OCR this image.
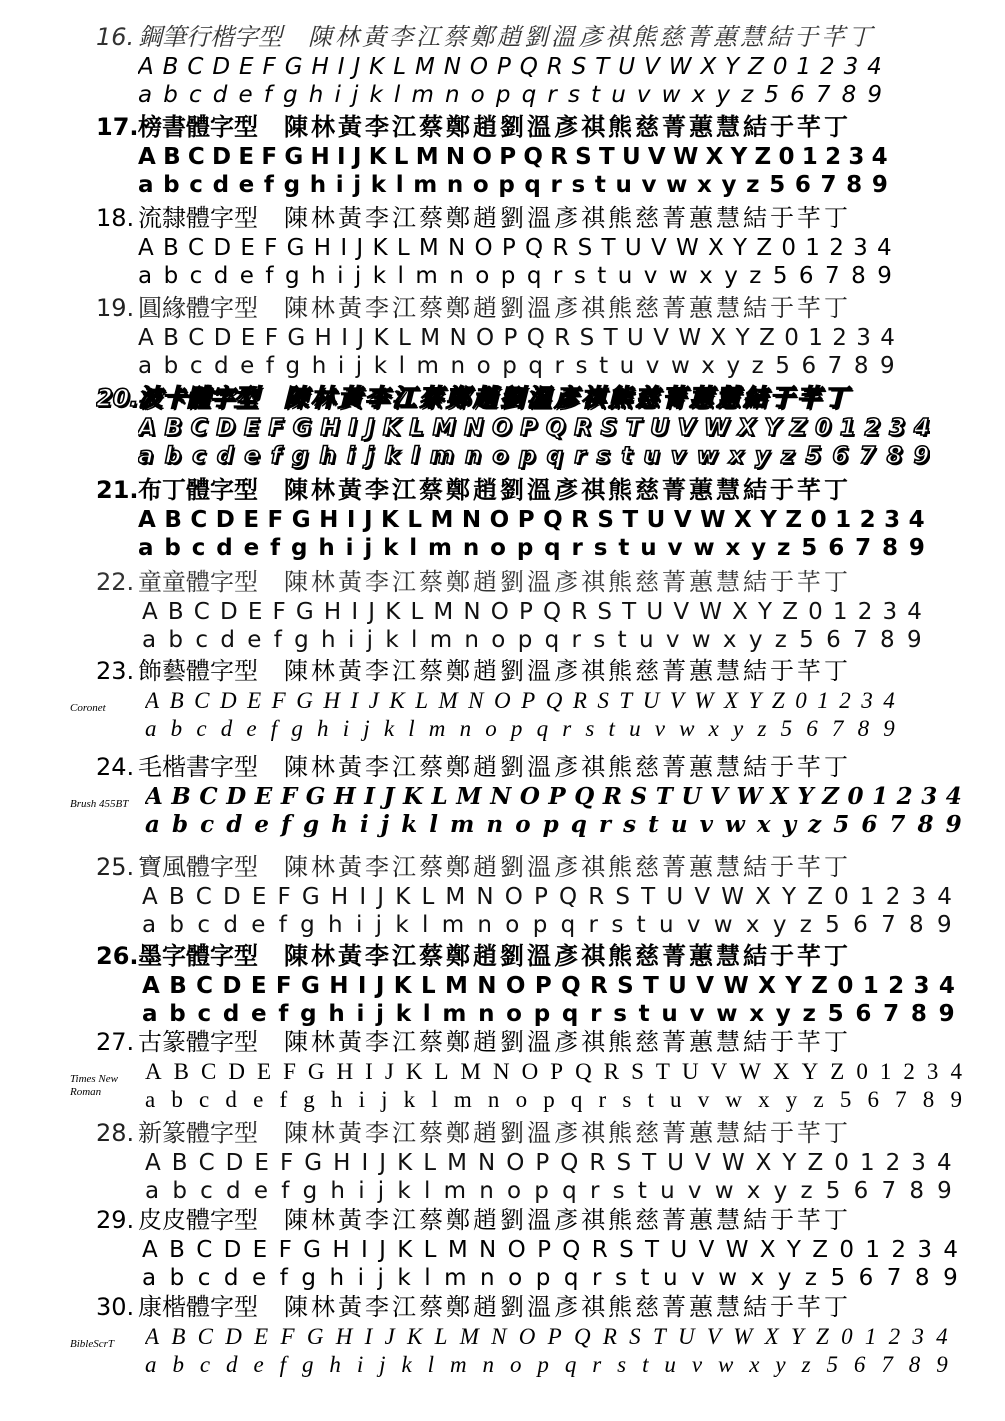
16. 鋼筆行楷字型 陳林黃李江蔡鄭趙劉溫彥祺熊慈菁蕙慧結于芊丁
A B C D E F G H I J K L M N O P Q R S T U V W X Y Z 0 1 2 3 4
a b c d e f g h i j k l m n o p q r s t u v w x y z 5 6 7 8 9
17. 榜書體字型 陳林黃李江蔡鄭趙劉溫彥祺熊慈菁蕙慧結于芊丁
A B C D E F G H I J K L M N O P Q R S T U V W X Y Z 0 1 2 3 4
a b c d e f g h i j k l m n o p q r s t u v w x y z 5 6 7 8 9
18. 流隸體字型 陳林黃李江蔡鄭趙劉溫彥祺熊慈菁蕙慧結于芊丁
A B C D E F G H I J K L M N O P Q R S T U V W X Y Z 0 1 2 3 4
a b c d e f g h i j k l m n o p q r s t u v w x y z 5 6 7 8 9
19. 圓緣體字型 陳林黃李江蔡鄭趙劉溫彥祺熊慈菁蕙慧結于芊丁
A B C D E F G H I J K L M N O P Q R S T U V W X Y Z 0 1 2 3 4
a b c d e f g h i j k l m n o p q r s t u v w x y z 5 6 7 8 9
20. 波卡體字型 陳林黃李江蔡鄭趙劉溫彥祺熊慈菁蕙慧結于芊丁
A B C D E F G H I J K L M N O P Q R S T U V W X Y Z 0 1 2 3 4
a b c d e f g h i j k l m n o p q r s t u v w x y z 5 6 7 8 9
21. 布丁體字型 陳林黃李江蔡鄭趙劉溫彥祺熊慈菁蕙慧結于芊丁
A B C D E F G H I J K L M N O P Q R S T U V W X Y Z 0 1 2 3 4
a b c d e f g h i j k l m n o p q r s t u v w x y z 5 6 7 8 9
22. 童童體字型 陳林黃李江蔡鄭趙劉溫彥祺熊慈菁蕙慧結于芊丁
A B C D E F G H I J K L M N O P Q R S T U V W X Y Z 0 1 2 3 4
a b c d e f g h i j k l m n o p q r s t u v w x y z 5 6 7 8 9
23. 飾藝體字型 陳林黃李江蔡鄭趙劉溫彥祺熊慈菁蕙慧結于芊丁
A B C D E F G H I J K L M N O P Q R S T U V W X Y Z 0 1 2 3 4
a b c d e f g h i j k l m n o p q r s t u v w x y z 5 6 7 8 9
Coronet
24. 毛楷書字型 陳林黃李江蔡鄭趙劉溫彥祺熊慈菁蕙慧結于芊丁
A B C D E F G H I J K L M N O P Q R S T U V W X Y Z 0 1 2 3 4
a b c d e f g h i j k l m n o p q r s t u v w x y z 5 6 7 8 9
Brush 455BT
25. 寶風體字型 陳林黃李江蔡鄭趙劉溫彥祺熊慈菁蕙慧結于芊丁
A B C D E F G H I J K L M N O P Q R S T U V W X Y Z 0 1 2 3 4
a b c d e f g h i j k l m n o p q r s t u v w x y z 5 6 7 8 9
26. 墨字體字型 陳林黃李江蔡鄭趙劉溫彥祺熊慈菁蕙慧結于芊丁
A B C D E F G H I J K L M N O P Q R S T U V W X Y Z 0 1 2 3 4
a b c d e f g h i j k l m n o p q r s t u v w x y z 5 6 7 8 9
27. 古篆體字型 陳林黃李江蔡鄭趙劉溫彥祺熊慈菁蕙慧結于芊丁
A B C D E F G H I J K L M N O P Q R S T U V W X Y Z 0 1 2 3 4
a b c d e f g h i j k l m n o p q r s t u v w x y z 5 6 7 8 9
Times New Roman
28. 新篆體字型 陳林黃李江蔡鄭趙劉溫彥祺熊慈菁蕙慧結于芊丁
A B C D E F G H I J K L M N O P Q R S T U V W X Y Z 0 1 2 3 4
a b c d e f g h i j k l m n o p q r s t u v w x y z 5 6 7 8 9
29. 皮皮體字型 陳林黃李江蔡鄭趙劉溫彥祺熊慈菁蕙慧結于芊丁
A B C D E F G H I J K L M N O P Q R S T U V W X Y Z 0 1 2 3 4
a b c d e f g h i j k l m n o p q r s t u v w x y z 5 6 7 8 9
30. 康楷體字型 陳林黃李江蔡鄭趙劉溫彥祺熊慈菁蕙慧結于芊丁
A B C D E F G H I J K L M N O P Q R S T U V W X Y Z 0 1 2 3 4
a b c d e f g h i j k l m n o p q r s t u v w x y z 5 6 7 8 9
BibleScrT
